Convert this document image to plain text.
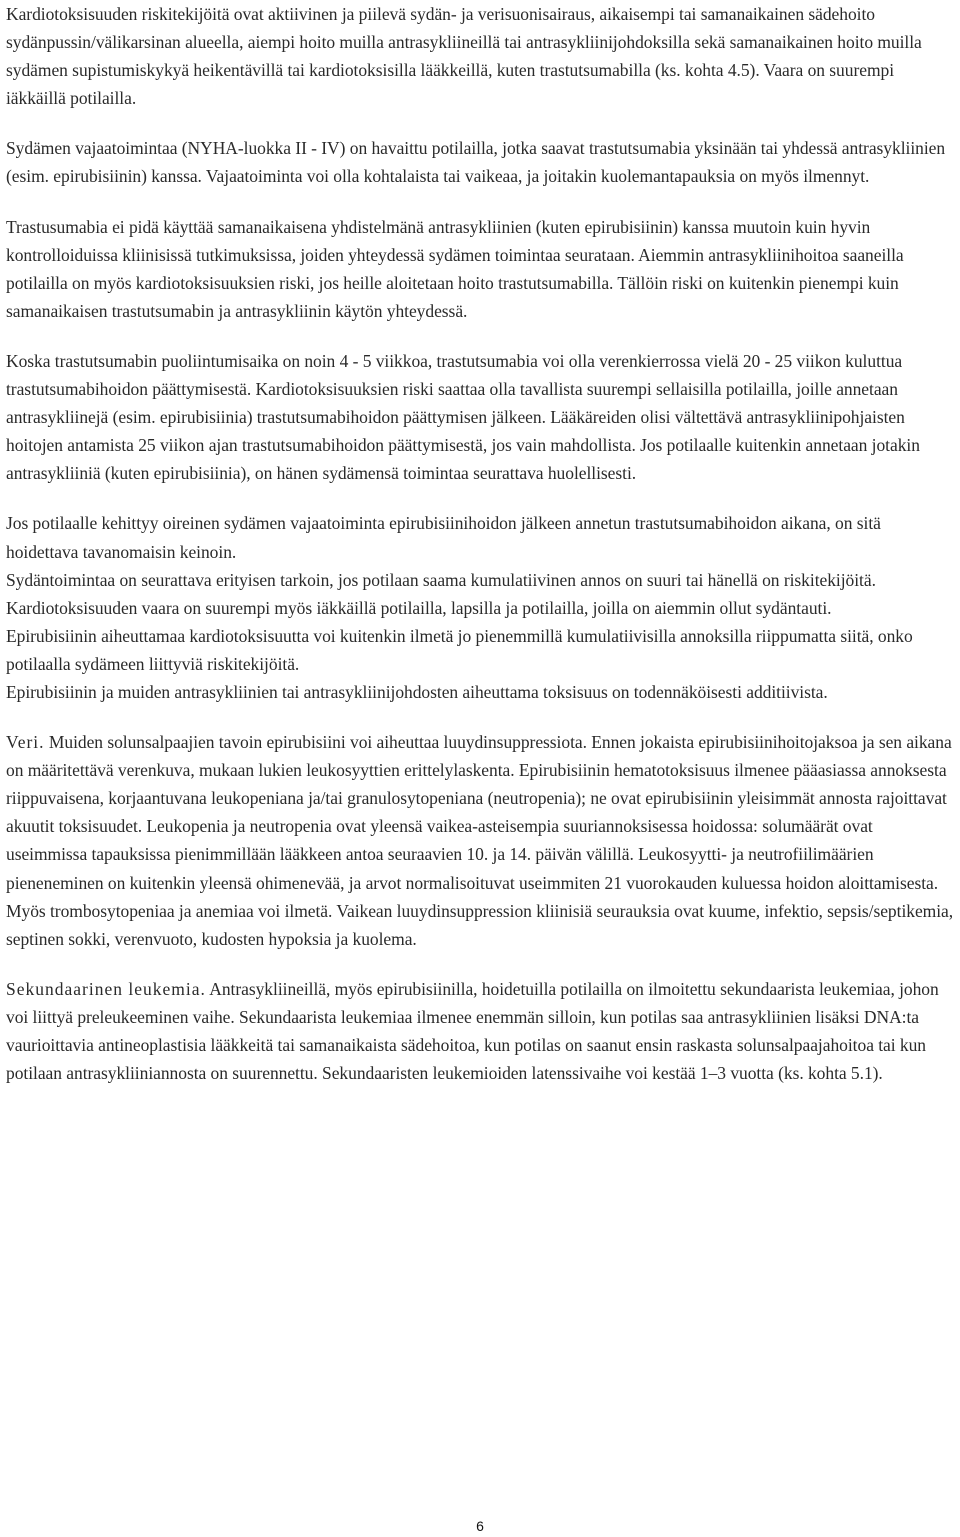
Kardiotoksisuuden riskitekijöitä ovat aktiivinen ja piilevä sydän- ja verisuonisairaus, aikaisempi tai samanaikainen sädehoito sydänpussin/välikarsinan alueella, aiempi hoito muilla antrasykliineillä tai antrasykliinijohdoksilla sekä samanaikainen hoito muilla sydämen supistumiskykyä heikentävillä tai kardiotoksisilla lääkkeillä, kuten trastutsumabilla (ks. kohta 4.5). Vaara on suurempi iäkkäillä potilailla.

Sydämen vajaatoimintaa (NYHA-luokka II - IV) on havaittu potilailla, jotka saavat trastutsumabia yksinään tai yhdessä antrasykliinien (esim. epirubisiinin) kanssa. Vajaatoiminta voi olla kohtalaista tai vaikeaa, ja joitakin kuolemantapauksia on myös ilmennyt.

Trastusumabia ei pidä käyttää samanaikaisena yhdistelmänä antrasykliinien (kuten epirubisiinin) kanssa muutoin kuin hyvin kontrolloiduissa kliinisissä tutkimuksissa, joiden yhteydessä sydämen toimintaa seurataan. Aiemmin antrasykliinihoitoa saaneilla potilailla on myös kardiotoksisuuksien riski, jos heille aloitetaan hoito trastutsumabilla. Tällöin riski on kuitenkin pienempi kuin samanaikaisen trastutsumabin ja antrasykliinin käytön yhteydessä.

Koska trastutsumabin puoliintumisaika on noin 4 - 5 viikkoa, trastutsumabia voi olla verenkierrossa vielä 20 - 25 viikon kuluttua trastutsumabihoidon päättymisestä. Kardiotoksisuuksien riski saattaa olla tavallista suurempi sellaisilla potilailla, joille annetaan antrasykliinejä (esim. epirubisiinia) trastutsumabihoidon päättymisen jälkeen. Lääkäreiden olisi vältettävä antrasykliinipohjaisten hoitojen antamista 25 viikon ajan trastutsumabihoidon päättymisestä, jos vain mahdollista. Jos potilaalle kuitenkin annetaan jotakin antrasykliiniä (kuten epirubisiinia), on hänen sydämensä toimintaa seurattava huolellisesti.

Jos potilaalle kehittyy oireinen sydämen vajaatoiminta epirubisiinihoidon jälkeen annetun trastutsumabihoidon aikana, on sitä hoidettava tavanomaisin keinoin.

Sydäntoimintaa on seurattava erityisen tarkoin, jos potilaan saama kumulatiivinen annos on suuri tai hänellä on riskitekijöitä. Kardiotoksisuuden vaara on suurempi myös iäkkäillä potilailla, lapsilla ja potilailla, joilla on aiemmin ollut sydäntauti.

Epirubisiinin aiheuttamaa kardiotoksisuutta voi kuitenkin ilmetä jo pienemmillä kumulatiivisilla annoksilla riippumatta siitä, onko potilaalla sydämeen liittyviä riskitekijöitä.

Epirubisiinin ja muiden antrasykliinien tai antrasykliinijohdosten aiheuttama toksisuus on todennäköisesti additiivista.

Veri. Muiden solunsalpaajien tavoin epirubisiini voi aiheuttaa luuydinsuppressiota. Ennen jokaista epirubisiinihoitojaksoa ja sen aikana on määritettävä verenkuva, mukaan lukien leukosyyttien erittelylaskenta. Epirubisiinin hematotoksisuus ilmenee pääasiassa annoksesta riippuvaisena, korjaantuvana leukopeniana ja/tai granulosytopeniana (neutropenia); ne ovat epirubisiinin yleisimmät annosta rajoittavat akuutit toksisuudet. Leukopenia ja neutropenia ovat yleensä vaikea-asteisempia suuriannoksisessa hoidossa: solumäärät ovat useimmissa tapauksissa pienimmillään lääkkeen antoa seuraavien 10. ja 14. päivän välillä. Leukosyytti- ja neutrofiilimäärien pieneneminen on kuitenkin yleensä ohimenevää, ja arvot normalisoituvat useimmiten 21 vuorokauden kuluessa hoidon aloittamisesta. Myös trombosytopeniaa ja anemiaa voi ilmetä. Vaikean luuydinsuppression kliinisiä seurauksia ovat kuume, infektio, sepsis/septikemia, septinen sokki, verenvuoto, kudosten hypoksia ja kuolema.

Sekundaarinen leukemia. Antrasykliineillä, myös epirubisiinilla, hoidetuilla potilailla on ilmoitettu sekundaarista leukemiaa, johon voi liittyä preleukeeminen vaihe. Sekundaarista leukemiaa ilmenee enemmän silloin, kun potilas saa antrasykliinien lisäksi DNA:ta vaurioittavia antineoplastisia lääkkeitä tai samanaikaista sädehoitoa, kun potilas on saanut ensin raskasta solunsalpaajahoitoa tai kun potilaan antrasykliiniannosta on suurennettu. Sekundaaristen leukemioiden latenssivaihe voi kestää 1–3 vuotta (ks. kohta 5.1).

6
